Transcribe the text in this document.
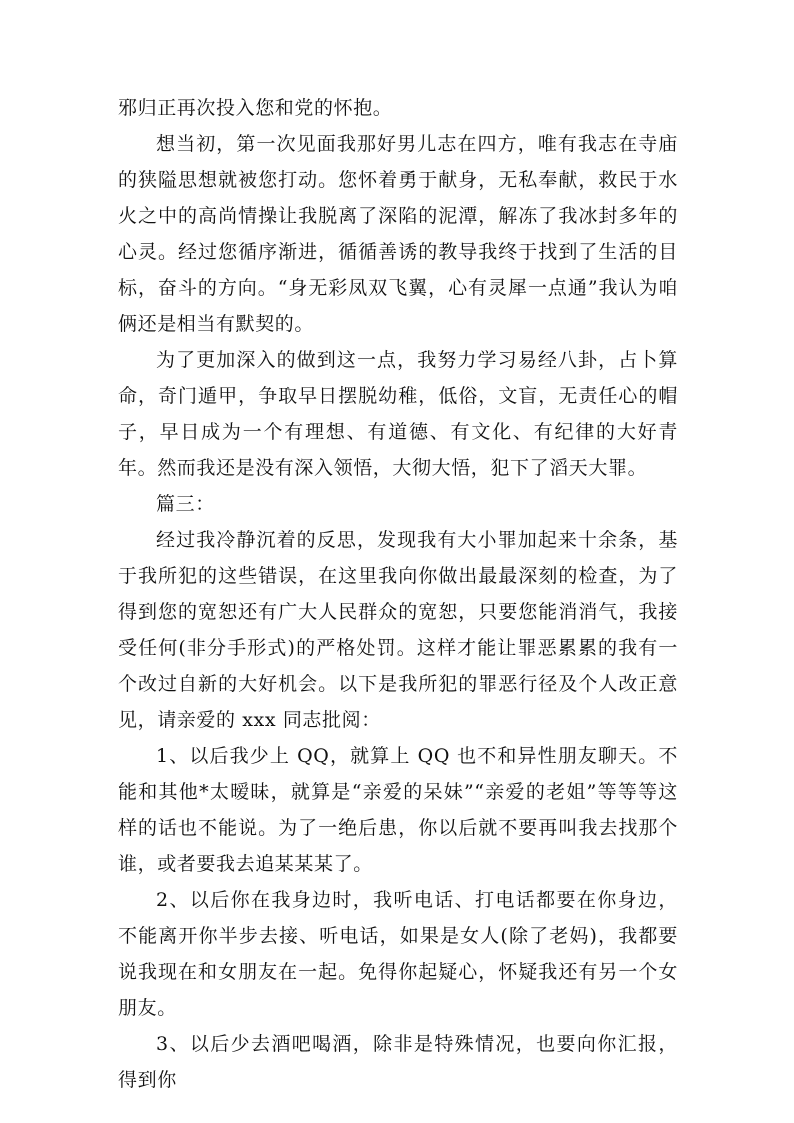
邪归正再次投入您和党的怀抱。

想当初，第一次见面我那好男儿志在四方，唯有我志在寺庙的狭隘思想就被您打动。您怀着勇于献身，无私奉献，救民于水火之中的高尚情操让我脱离了深陷的泥潭，解冻了我冰封多年的心灵。经过您循序渐进，循循善诱的教导我终于找到了生活的目标，奋斗的方向。“身无彩凤双飞翼，心有灵犀一点通”我认为咱俩还是相当有默契的。

为了更加深入的做到这一点，我努力学习易经八卦，占卜算命，奇门遁甲，争取早日摆脱幼稚，低俗，文盲，无责任心的帽子，早日成为一个有理想、有道德、有文化、有纪律的大好青年。然而我还是没有深入领悟，大彻大悟，犯下了滔天大罪。

篇三：

经过我冷静沉着的反思，发现我有大小罪加起来十余条，基于我所犯的这些错误，在这里我向你做出最最深刻的检查，为了得到您的宽恕还有广大人民群众的宽恕，只要您能消消气，我接受任何(非分手形式)的严格处罚。这样才能让罪恶累累的我有一个改过自新的大好机会。以下是我所犯的罪恶行径及个人改正意见，请亲爱的 xxx 同志批阅：

1、以后我少上 QQ，就算上 QQ 也不和异性朋友聊天。不能和其他*太暧昧，就算是“亲爱的呆妹”“亲爱的老姐”等等等这样的话也不能说。为了一绝后患，你以后就不要再叫我去找那个谁，或者要我去追某某某了。

2、以后你在我身边时，我听电话、打电话都要在你身边，不能离开你半步去接、听电话，如果是女人(除了老妈)，我都要说我现在和女朋友在一起。免得你起疑心，怀疑我还有另一个女朋友。

3、以后少去酒吧喝酒，除非是特殊情况，也要向你汇报，得到你
